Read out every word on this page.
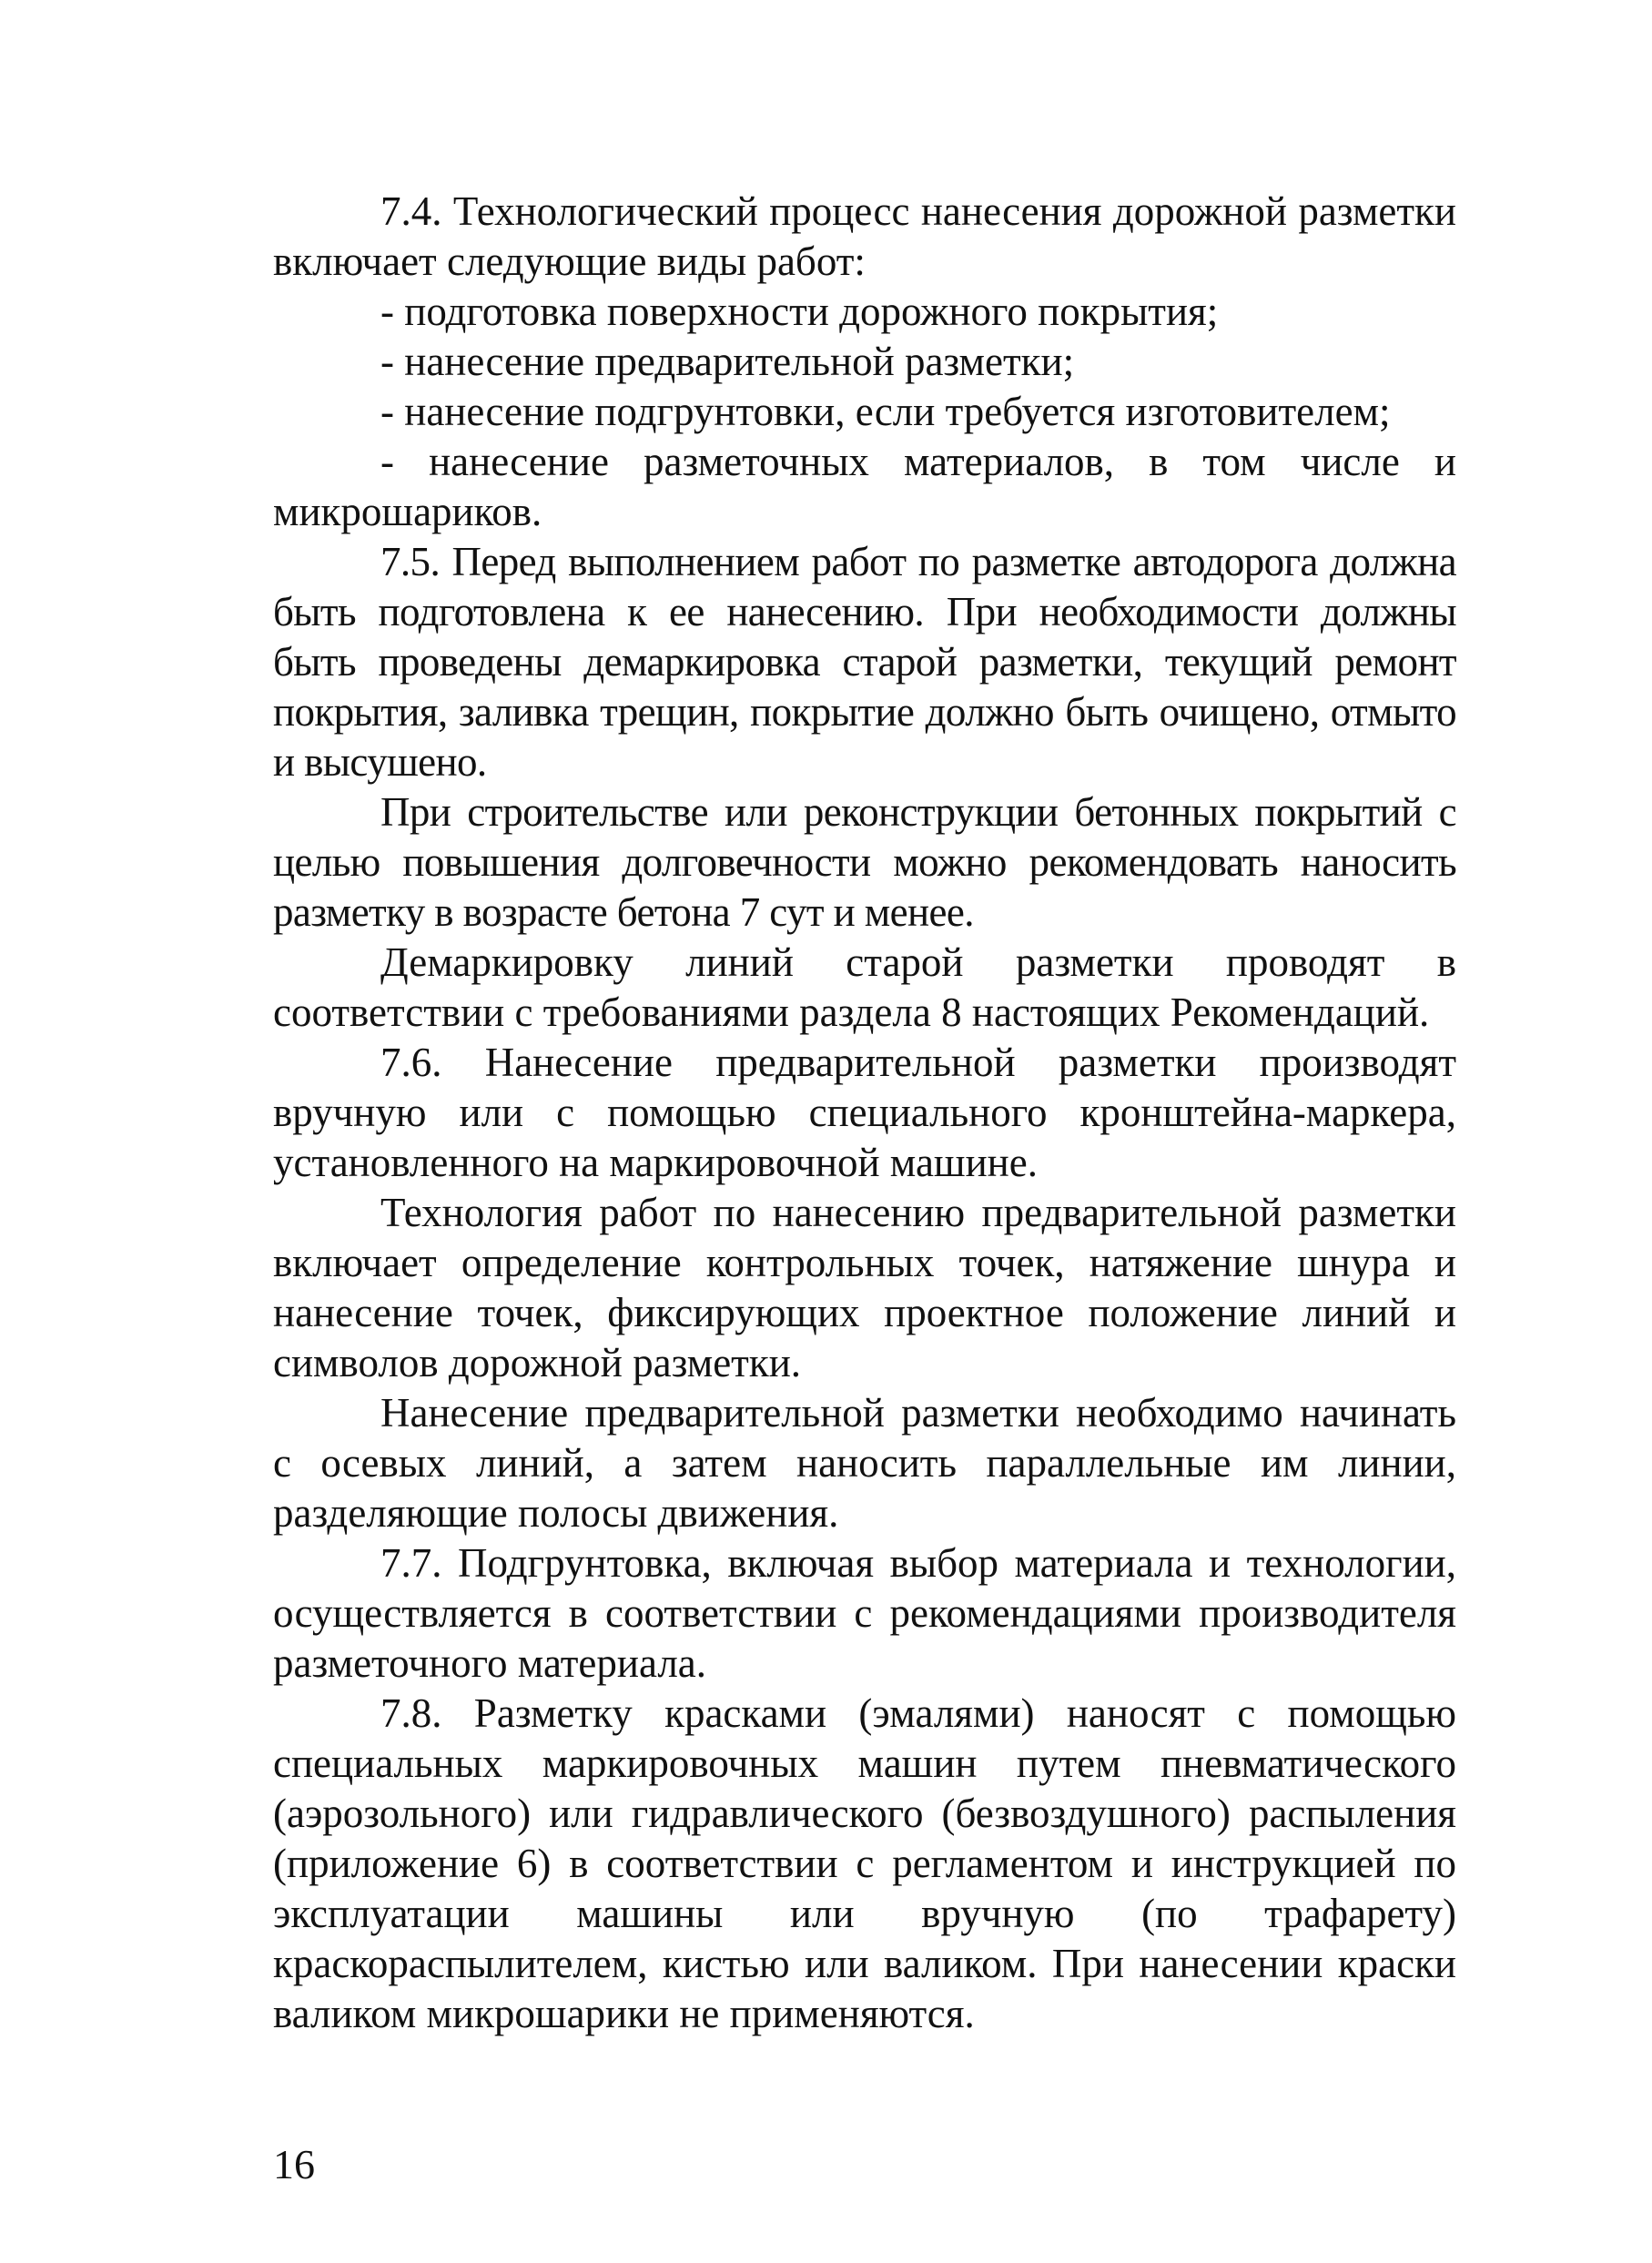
7.4. Технологический процесс нанесения дорожной разметки включает следующие виды работ:

- подготовка поверхности дорожного покрытия;

- нанесение предварительной разметки;

- нанесение подгрунтовки, если требуется изготовителем;

- нанесение разметочных материалов, в том числе и микрошариков.

7.5. Перед выполнением работ по разметке автодорога должна быть подготовлена к ее нанесению. При необходимости должны быть проведены демаркировка старой разметки, текущий ремонт покрытия, заливка трещин, покрытие должно быть очищено, отмыто и высушено.

При строительстве или реконструкции бетонных покрытий с целью повышения долговечности можно рекомендовать наносить разметку в возрасте бетона 7 сут и менее.

Демаркировку линий старой разметки проводят в соответствии с требованиями раздела 8 настоящих Рекомендаций.

7.6. Нанесение предварительной разметки производят вручную или с помощью специального кронштейна-маркера, установленного на маркировочной машине.

Технология работ по нанесению предварительной разметки включает определение контрольных точек, натяжение шнура и нанесение точек, фиксирующих проектное положение линий и символов дорожной разметки.

Нанесение предварительной разметки необходимо начинать с осевых линий, а затем наносить параллельные им линии, разделяющие полосы движения.

7.7. Подгрунтовка, включая выбор материала и технологии, осуществляется в соответствии с рекомендациями производителя разметочного материала.

7.8. Разметку красками (эмалями) наносят с помощью специальных маркировочных машин путем пневматического (аэрозольного) или гидравлического (безвоздушного) распыления (приложение 6) в соответствии с регламентом и инструкцией по эксплуатации машины или вручную (по трафарету) краскораспылителем, кистью или валиком. При нанесении краски валиком микрошарики не применяются.

16
